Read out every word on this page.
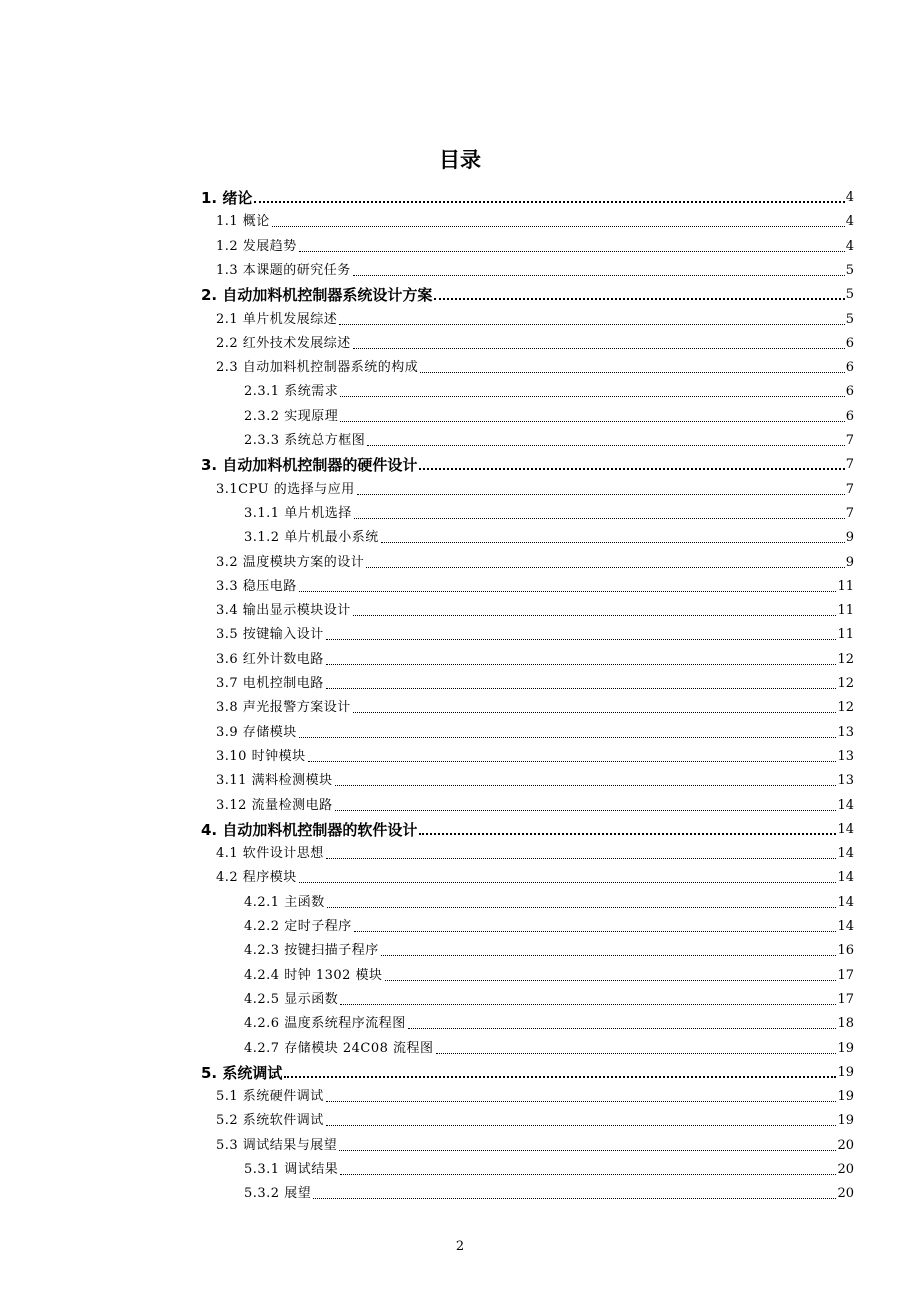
目录
1. 绪论	4
1.1 概论	4
1.2 发展趋势	4
1.3 本课题的研究任务	5
2. 自动加料机控制器系统设计方案	5
2.1 单片机发展综述	5
2.2 红外技术发展综述	6
2.3 自动加料机控制器系统的构成	6
2.3.1 系统需求	6
2.3.2 实现原理	6
2.3.3 系统总方框图	7
3. 自动加料机控制器的硬件设计	7
3.1CPU 的选择与应用	7
3.1.1 单片机选择	7
3.1.2 单片机最小系统	9
3.2 温度模块方案的设计	9
3.3 稳压电路	11
3.4 输出显示模块设计	11
3.5 按键输入设计	11
3.6 红外计数电路	12
3.7 电机控制电路	12
3.8 声光报警方案设计	12
3.9 存储模块	13
3.10 时钟模块	13
3.11 满料检测模块	13
3.12 流量检测电路	14
4. 自动加料机控制器的软件设计	14
4.1 软件设计思想	14
4.2 程序模块	14
4.2.1 主函数	14
4.2.2 定时子程序	14
4.2.3 按键扫描子程序	16
4.2.4 时钟 1302 模块	17
4.2.5 显示函数	17
4.2.6 温度系统程序流程图	18
4.2.7 存储模块 24C08 流程图	19
5. 系统调试	19
5.1 系统硬件调试	19
5.2 系统软件调试	19
5.3 调试结果与展望	20
5.3.1 调试结果	20
5.3.2 展望	20
2
